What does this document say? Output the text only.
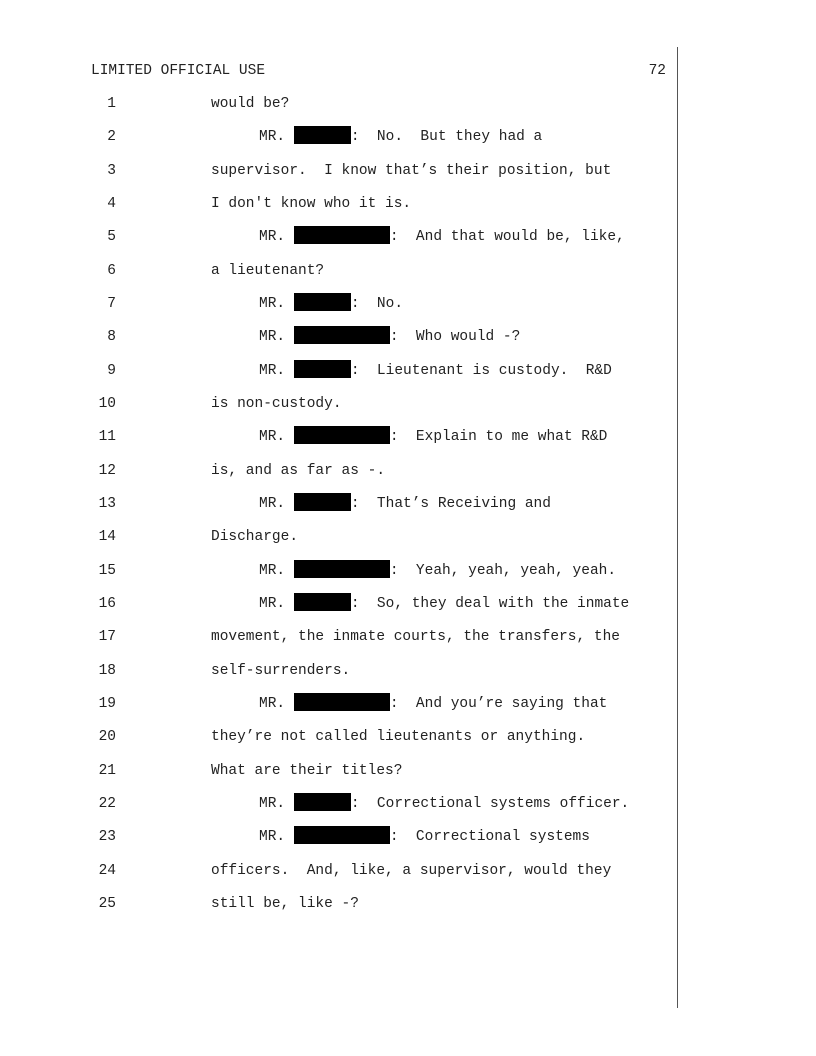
LIMITED OFFICIAL USE	72
1	would be?
2	MR.	:  No.  But they had a
3	supervisor.  I know that’s their position, but
4	I don't know who it is.
5	MR.	:  And that would be, like,
6	a lieutenant?
7	MR.	:  No.
8	MR.	:  Who would -?
9	MR.	:  Lieutenant is custody.  R&D
10	is non-custody.
11	MR.	:  Explain to me what R&D
12	is, and as far as -.
13	MR.	:  That’s Receiving and
14	Discharge.
15	MR.	:  Yeah, yeah, yeah, yeah.
16	MR.	:  So, they deal with the inmate
17	movement, the inmate courts, the transfers, the
18	self-surrenders.
19	MR.	:  And you’re saying that
20	they’re not called lieutenants or anything.
21	What are their titles?
22	MR.	:  Correctional systems officer.
23	MR.	:  Correctional systems
24	officers.  And, like, a supervisor, would they
25	still be, like -?
